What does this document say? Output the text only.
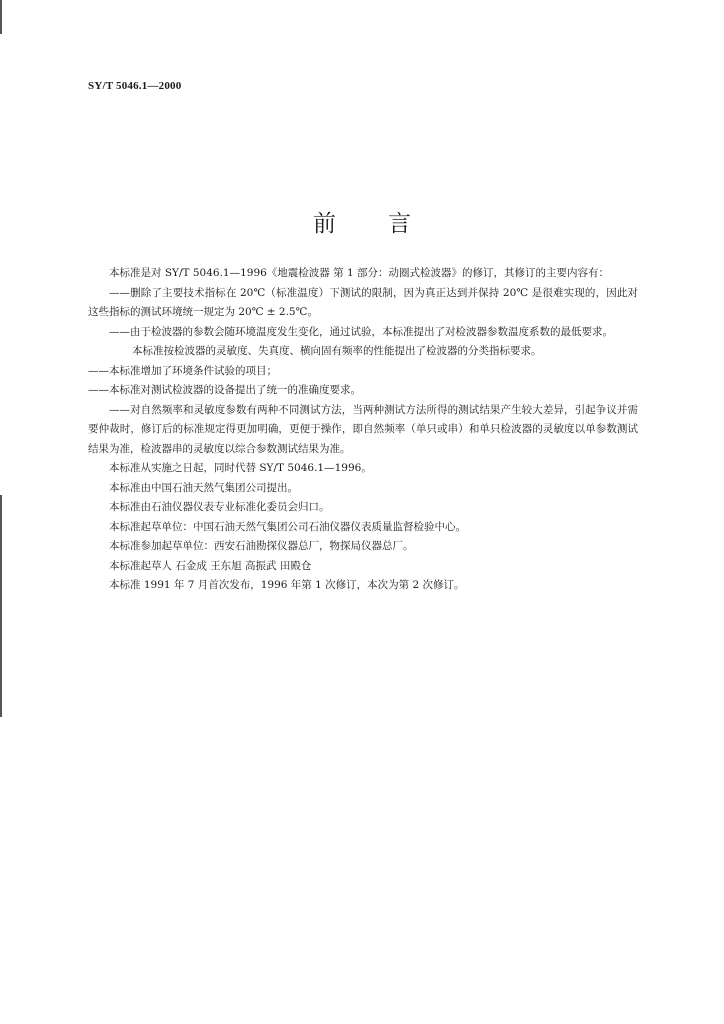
SY/T 5046.1—2000

前言

本标准是对 SY/T 5046.1—1996《地震检波器 第 1 部分：动圈式检波器》的修订，其修订的主要内容有：

——删除了主要技术指标在 20℃（标准温度）下测试的限制，因为真正达到并保持 20℃ 是很难实现的，因此对这些指标的测试环境统一规定为 20℃ ± 2.5℃。

——由于检波器的参数会随环境温度发生变化，通过试验，本标准提出了对检波器参数温度系数的最低要求。

本标准按检波器的灵敏度、失真度、横向固有频率的性能提出了检波器的分类指标要求。

——本标准增加了环境条件试验的项目；

——本标准对测试检波器的设备提出了统一的准确度要求。

——对自然频率和灵敏度参数有两种不同测试方法，当两种测试方法所得的测试结果产生较大差异，引起争议并需要仲裁时，修订后的标准规定得更加明确，更便于操作，即自然频率（单只或串）和单只检波器的灵敏度以单参数测试结果为准，检波器串的灵敏度以综合参数测试结果为准。

本标准从实施之日起，同时代替 SY/T 5046.1—1996。

本标准由中国石油天然气集团公司提出。

本标准由石油仪器仪表专业标准化委员会归口。

本标准起草单位：中国石油天然气集团公司石油仪器仪表质量监督检验中心。

本标准参加起草单位：西安石油勘探仪器总厂，物探局仪器总厂。

本标准起草人 石金成 王东旭 高振武 田殿仓

本标准 1991 年 7 月首次发布，1996 年第 1 次修订，本次为第 2 次修订。
